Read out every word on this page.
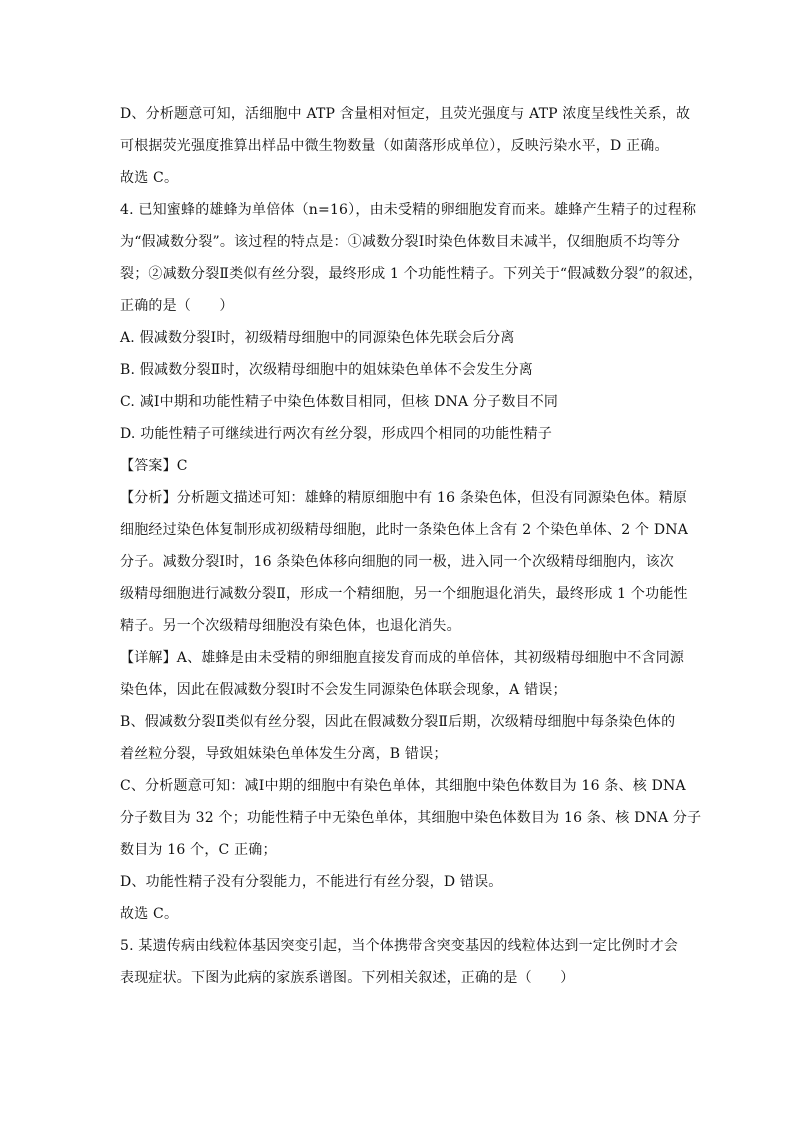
D、分析题意可知，活细胞中 ATP 含量相对恒定，且荧光强度与 ATP 浓度呈线性关系，故

可根据荧光强度推算出样品中微生物数量（如菌落形成单位），反映污染水平，D 正确。

故选 C。

4. 已知蜜蜂的雄蜂为单倍体（n=16），由未受精的卵细胞发育而来。雄蜂产生精子的过程称

为“假减数分裂”。该过程的特点是：①减数分裂Ⅰ时染色体数目未减半，仅细胞质不均等分

裂；②减数分裂Ⅱ类似有丝分裂，最终形成 1 个功能性精子。下列关于“假减数分裂”的叙述，

正确的是（　　）

A. 假减数分裂Ⅰ时，初级精母细胞中的同源染色体先联会后分离

B. 假减数分裂Ⅱ时，次级精母细胞中的姐妹染色单体不会发生分离

C. 减Ⅰ中期和功能性精子中染色体数目相同，但核 DNA 分子数目不同

D. 功能性精子可继续进行两次有丝分裂，形成四个相同的功能性精子

【答案】C

【分析】分析题文描述可知：雄蜂的精原细胞中有 16 条染色体，但没有同源染色体。精原

细胞经过染色体复制形成初级精母细胞，此时一条染色体上含有 2 个染色单体、2 个 DNA

分子。减数分裂Ⅰ时，16 条染色体移向细胞的同一极，进入同一个次级精母细胞内，该次

级精母细胞进行减数分裂Ⅱ，形成一个精细胞，另一个细胞退化消失，最终形成 1 个功能性

精子。另一个次级精母细胞没有染色体，也退化消失。

【详解】A、雄蜂是由未受精的卵细胞直接发育而成的单倍体，其初级精母细胞中不含同源

染色体，因此在假减数分裂Ⅰ时不会发生同源染色体联会现象，A 错误；

B、假减数分裂Ⅱ类似有丝分裂，因此在假减数分裂Ⅱ后期，次级精母细胞中每条染色体的

着丝粒分裂，导致姐妹染色单体发生分离，B 错误；

C、分析题意可知：减Ⅰ中期的细胞中有染色单体，其细胞中染色体数目为 16 条、核 DNA

分子数目为 32 个；功能性精子中无染色单体，其细胞中染色体数目为 16 条、核 DNA 分子

数目为 16 个，C 正确；

D、功能性精子没有分裂能力，不能进行有丝分裂，D 错误。

故选 C。

5. 某遗传病由线粒体基因突变引起，当个体携带含突变基因的线粒体达到一定比例时才会

表现症状。下图为此病的家族系谱图。下列相关叙述，正确的是（　　）
